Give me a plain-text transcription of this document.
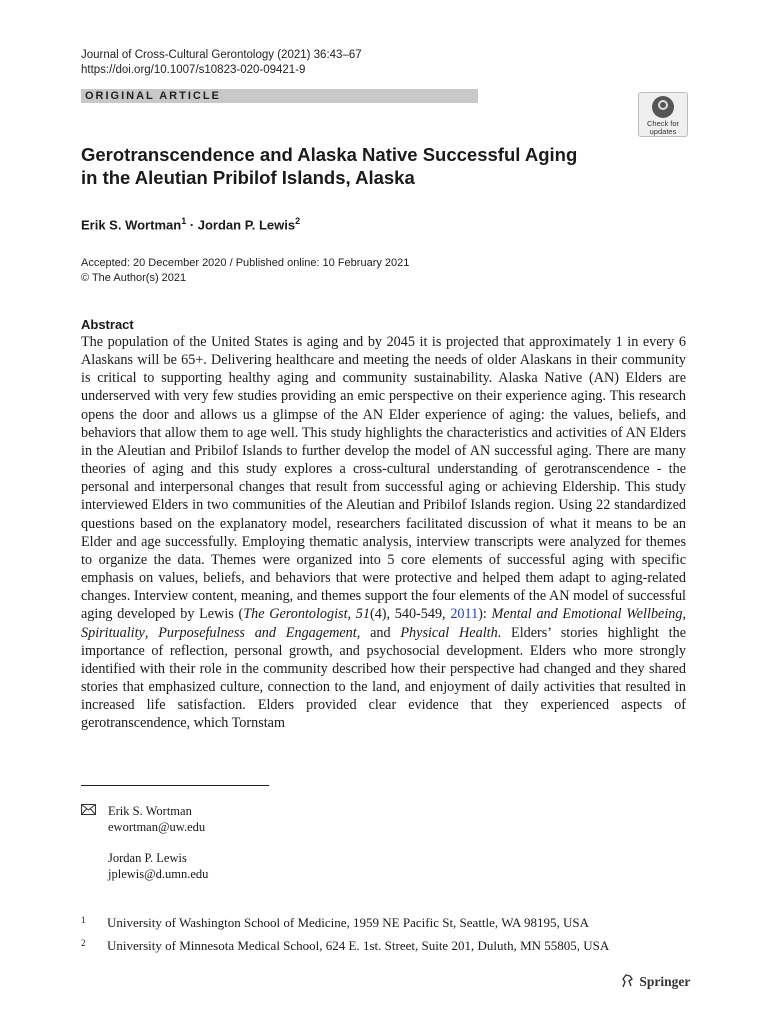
Journal of Cross-Cultural Gerontology (2021) 36:43–67
https://doi.org/10.1007/s10823-020-09421-9
ORIGINAL ARTICLE
Check for
updates
Gerotranscendence and Alaska Native Successful Aging
in the Aleutian Pribilof Islands, Alaska
Erik S. Wortman$^1$ · Jordan P. Lewis$^2$
Accepted: 20 December 2020 / Published online: 10 February 2021
© The Author(s) 2021
Abstract

The population of the United States is aging and by 2045 it is projected that approximately 1 in every 6 Alaskans will be 65+. Delivering healthcare and meeting the needs of older Alaskans in their community is critical to supporting healthy aging and community sustainability. Alaska Native (AN) Elders are underserved with very few studies providing an emic perspective on their experience aging. This research opens the door and allows us a glimpse of the AN Elder experience of aging: the values, beliefs, and behaviors that allow them to age well. This study highlights the characteristics and activities of AN Elders in the Aleutian and Pribilof Islands to further develop the model of AN successful aging. There are many theories of aging and this study explores a cross-cultural understanding of gerotranscendence - the personal and interpersonal changes that result from successful aging or achieving Eldership. This study interviewed Elders in two communities of the Aleutian and Pribilof Islands region. Using 22 standardized questions based on the explanatory model, researchers facilitated discussion of what it means to be an Elder and age successfully. Employing thematic analysis, interview transcripts were analyzed for themes to organize the data. Themes were organized into 5 core elements of successful aging with specific emphasis on values, beliefs, and behaviors that were protective and helped them adapt to aging-related changes. Interview content, meaning, and themes support the four elements of the AN model of successful aging developed by Lewis (The Gerontologist, 51(4), 540-549, 2011): Mental and Emotional Wellbeing, Spirituality, Purposefulness and Engagement, and Physical Health. Elders’ stories highlight the importance of reflection, personal growth, and psychosocial development. Elders who more strongly identified with their role in the community described how their perspective had changed and they shared stories that emphasized culture, connection to the land, and enjoyment of daily activities that resulted in increased life satisfaction. Elders provided clear evidence that they experienced aspects of gerotranscendence, which Tornstam

Erik S. Wortman
ewortman@uw.edu
Jordan P. Lewis
jplewis@d.umn.edu
1 University of Washington School of Medicine, 1959 NE Pacific St, Seattle, WA 98195, USA
2 University of Minnesota Medical School, 624 E. 1st. Street, Suite 201, Duluth, MN 55805, USA
Springer
